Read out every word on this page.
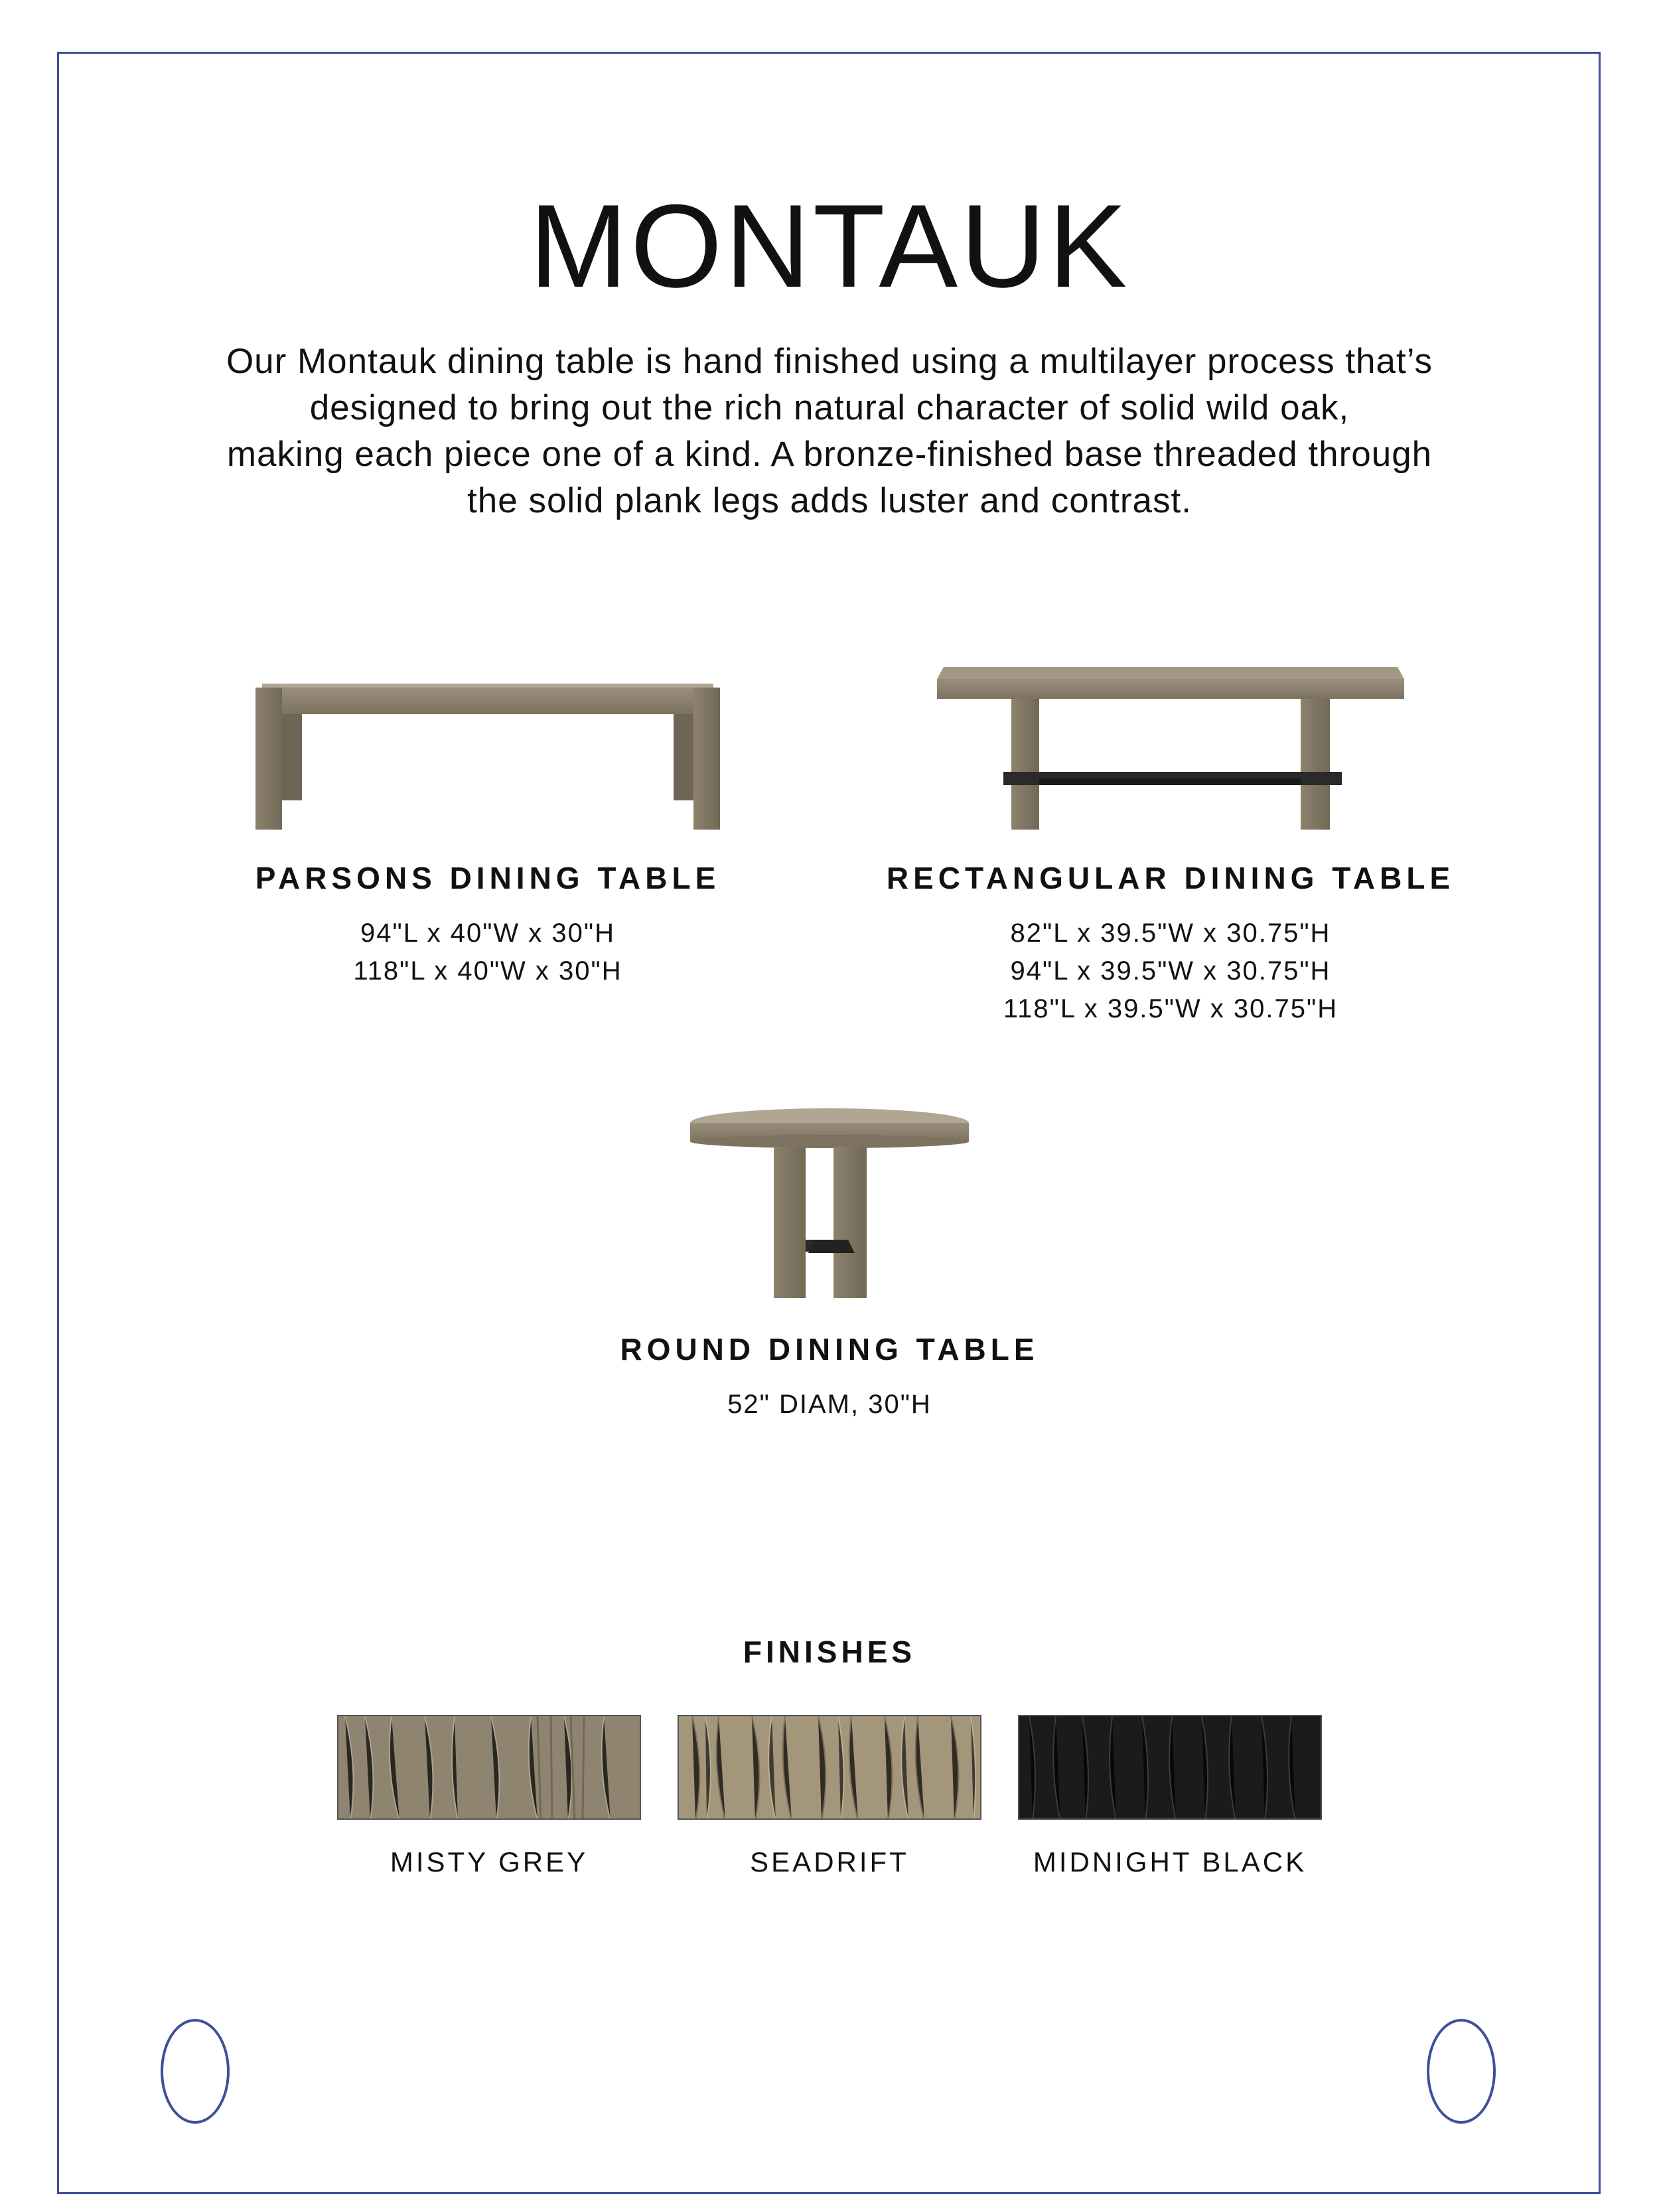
MONTAUK

Our Montauk dining table is hand finished using a multilayer process that’s

designed to bring out the rich natural character of solid wild oak,

making each piece one of a kind. A bronze-finished base threaded through

the solid plank legs adds luster and contrast.

PARSONS DINING TABLE
94"L x 40"W x 30"H
118"L x 40"W x 30"H
RECTANGULAR DINING TABLE
82"L x 39.5"W x 30.75"H
94"L x 39.5"W x 30.75"H
118"L x 39.5"W x 30.75"H
ROUND DINING TABLE
52" DIAM, 30"H
FINISHES
MISTY GREY	SEADRIFT	MIDNIGHT BLACK
